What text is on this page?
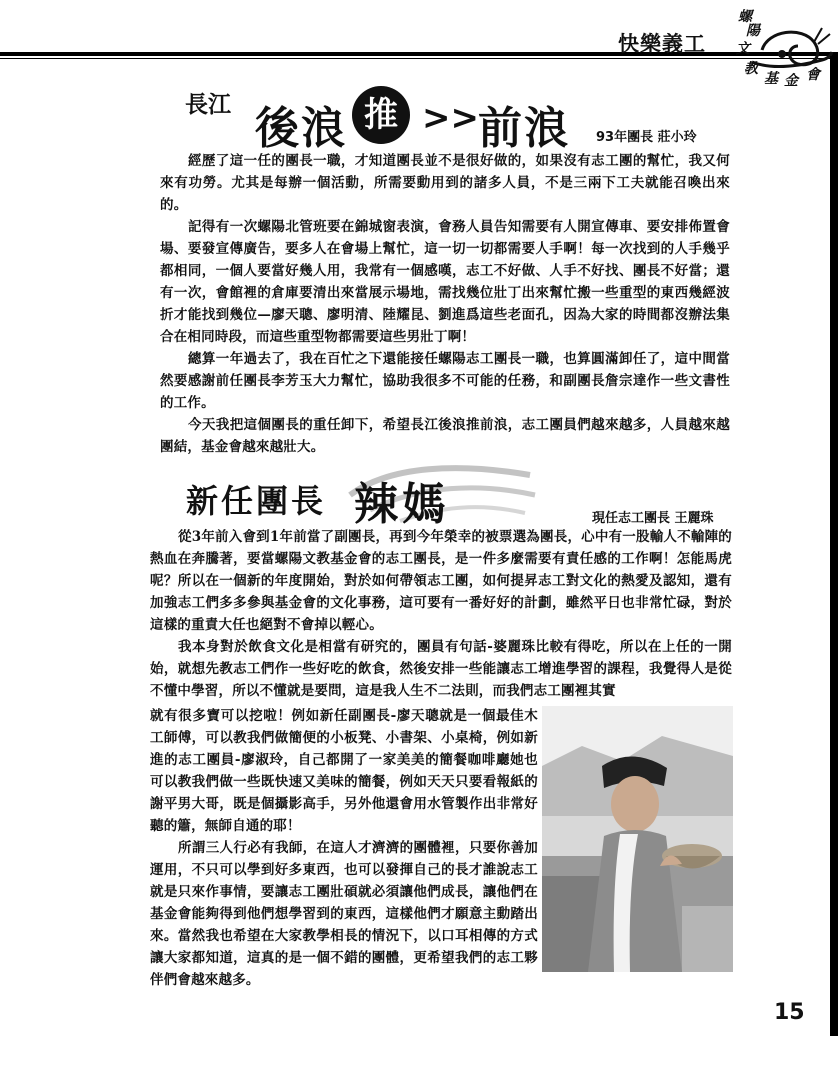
快樂義工
螺
陽
文
教
基 金 會
長江 後浪 推 >> 前浪 93年團長 莊小玲

經歷了這一任的團長一職，才知道團長並不是很好做的，如果沒有志工團的幫忙，我又何來有功勞。尤其是每辦一個活動，所需要動用到的諸多人員，不是三兩下工夫就能召喚出來的。

記得有一次螺陽北管班要在錦城窗表演，會務人員告知需要有人開宣傳車、要安排佈置會場、要發宣傳廣告，要多人在會場上幫忙，這一切一切都需要人手啊！每一次找到的人手幾乎都相同，一個人要當好幾人用，我常有一個感嘆，志工不好做、人手不好找、團長不好當；還有一次，會館裡的倉庫要清出來當展示場地，需找幾位壯丁出來幫忙搬一些重型的東西幾經波折才能找到幾位—廖天聰、廖明清、陸耀昆、劉進爲這些老面孔，因為大家的時間都沒辦法集合在相同時段，而這些重型物都需要這些男壯丁啊！

總算一年過去了，我在百忙之下還能接任螺陽志工團長一職，也算圓滿卸任了，這中間當然要感謝前任團長李芳玉大力幫忙，協助我很多不可能的任務，和副團長詹宗達作一些文書性的工作。

今天我把這個團長的重任卸下，希望長江後浪推前浪，志工團員們越來越多，人員越來越團結，基金會越來越壯大。

新任團長 辣媽	現任志工團長 王麗珠

從3年前入會到1年前當了副團長，再到今年榮幸的被票選為團長，心中有一股輸人不輸陣的熱血在奔騰著，要當螺陽文教基金會的志工團長，是一件多麼需要有責任感的工作啊！怎能馬虎呢？所以在一個新的年度開始，對於如何帶領志工團，如何提昇志工對文化的熱愛及認知，還有加強志工們多多參與基金會的文化事務，這可要有一番好好的計劃，雖然平日也非常忙碌，對於這樣的重責大任也絕對不會掉以輕心。

我本身對於飲食文化是相當有研究的，團員有句話-婆麗珠比較有得吃，所以在上任的一開始，就想先教志工們作一些好吃的飲食，然後安排一些能讓志工增進學習的課程，我覺得人是從不懂中學習，所以不懂就是要問，這是我人生不二法則，而我們志工團裡其實

就有很多寶可以挖啦！例如新任副團長-廖天聰就是一個最佳木工師傅，可以教我們做簡便的小板凳、小書架、小桌椅，例如新進的志工團員-廖淑玲，自己都開了一家美美的簡餐咖啡廳她也可以教我們做一些既快速又美味的簡餐，例如天天只要看報紙的謝平男大哥，既是個攝影高手，另外他還會用水管製作出非常好聽的簫，無師自通的耶！

所謂三人行必有我師，在這人才濟濟的團體裡，只要你善加運用，不只可以學到好多東西，也可以發揮自己的長才誰說志工就是只來作事情，要讓志工團壯碩就必須讓他們成長，讓他們在基金會能夠得到他們想學習到的東西，這樣他們才願意主動踏出來。當然我也希望在大家教學相長的情況下，以口耳相傳的方式讓大家都知道，這真的是一個不錯的團體，更希望我們的志工夥伴們會越來越多。

15
